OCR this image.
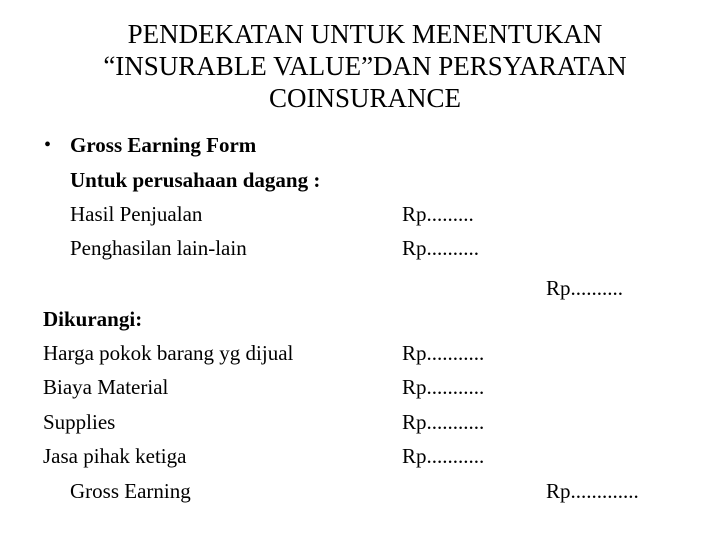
PENDEKATAN UNTUK MENENTUKAN
“INSURABLE VALUE”DAN PERSYARATAN
COINSURANCE
• Gross Earning Form
Untuk perusahaan dagang :
Hasil Penjualan	Rp.........
Penghasilan lain-lain	Rp..........
Rp..........
Dikurangi:
Harga pokok barang yg dijual	Rp...........
Biaya Material	Rp...........
Supplies	Rp...........
Jasa pihak ketiga	Rp...........
Gross Earning	Rp.............
